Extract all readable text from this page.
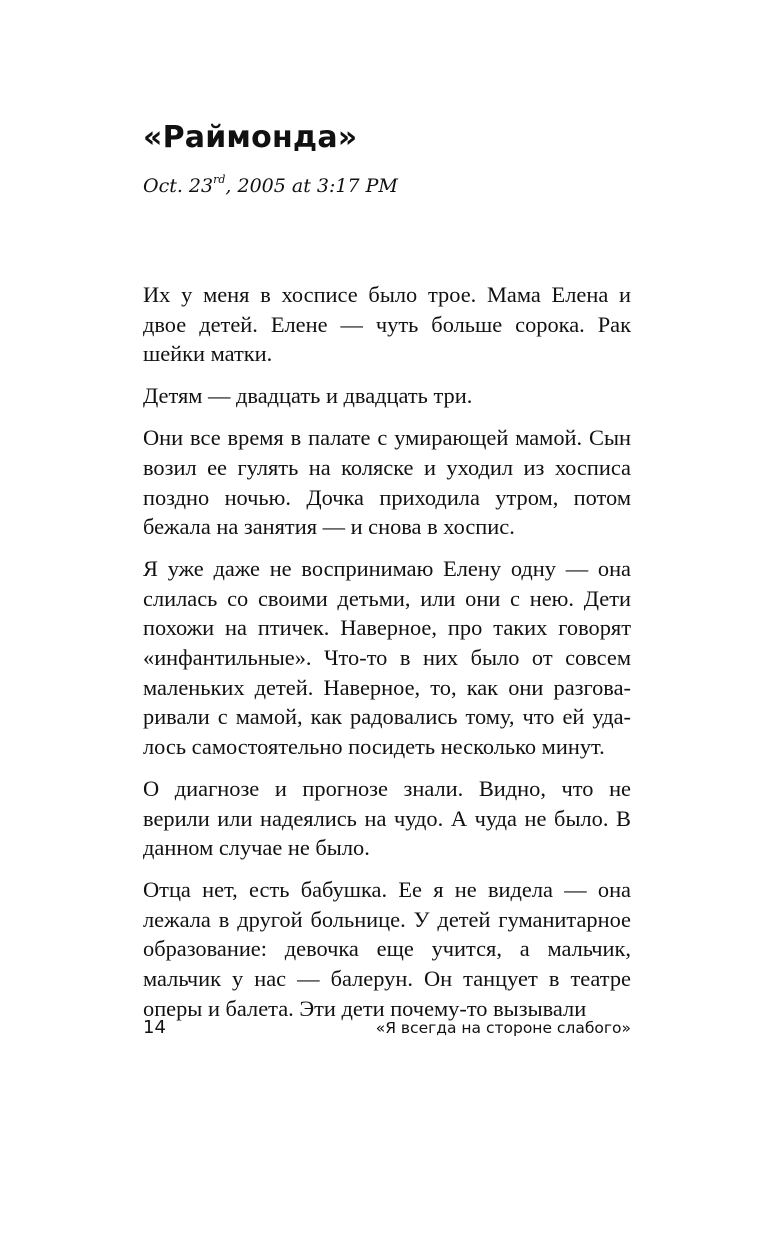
«Раймонда»
Oct. 23rd, 2005 at 3:17 PM

Их у меня в хосписе было трое. Мама Елена и двое детей. Елене — чуть больше сорока. Рак шейки матки.

Детям — двадцать и двадцать три.

Они все время в палате с умирающей мамой. Сын возил ее гулять на коляске и уходил из хосписа поздно ночью. Дочка приходила утром, потом бежала на занятия — и снова в хоспис.

Я уже даже не воспринимаю Елену одну — она слилась со своими детьми, или они с нею. Дети похожи на птичек. Наверное, про таких говорят «инфантильные». Что-то в них было от совсем маленьких детей. Наверное, то, как они разговаривали с мамой, как радовались тому, что ей удалось самостоятельно посидеть несколько минут.

О диагнозе и прогнозе знали. Видно, что не верили или надеялись на чудо. А чуда не было. В данном случае не было.

Отца нет, есть бабушка. Ее я не видела — она лежала в другой больнице. У детей гуманитарное образование: девочка еще учится, а мальчик, мальчик у нас — балерун. Он танцует в театре оперы и балета. Эти дети почему-то вызывали

14	«Я всегда на стороне слабого»
